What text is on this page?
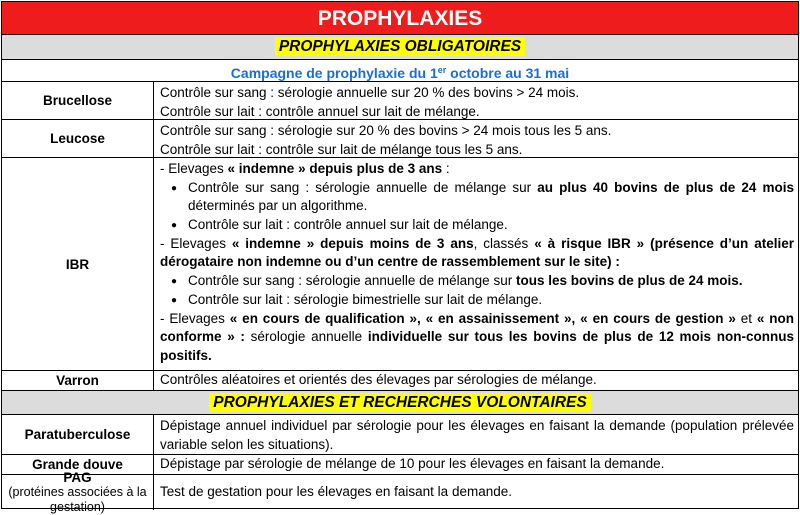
PROPHYLAXIES
PROPHYLAXIES OBLIGATOIRES
Campagne de prophylaxie du 1er octobre au 31 mai
Brucellose
Contrôle sur sang : sérologie annuelle sur 20 % des bovins > 24 mois.
Contrôle sur lait : contrôle annuel sur lait de mélange.
Leucose
Contrôle sur sang : sérologie sur 20 % des bovins > 24 mois tous les 5 ans.
Contrôle sur lait : contrôle sur lait de mélange tous les 5 ans.
IBR
- Elevages « indemne » depuis plus de 3 ans :
● Contrôle sur sang : sérologie annuelle de mélange sur au plus 40 bovins de plus de 24 mois déterminés par un algorithme.
● Contrôle sur lait : contrôle annuel sur lait de mélange.
- Elevages « indemne » depuis moins de 3 ans, classés « à risque IBR » (présence d’un atelier dérogataire non indemne ou d’un centre de rassemblement sur le site) :
● Contrôle sur sang : sérologie annuelle de mélange sur tous les bovins de plus de 24 mois.
● Contrôle sur lait : sérologie bimestrielle sur lait de mélange.
- Elevages « en cours de qualification », « en assainissement », « en cours de gestion » et « non conforme » : sérologie annuelle individuelle sur tous les bovins de plus de 12 mois non-connus positifs.
Varron	Contrôles aléatoires et orientés des élevages par sérologies de mélange.
PROPHYLAXIES ET RECHERCHES VOLONTAIRES
Paratuberculose
Dépistage annuel individuel par sérologie pour les élevages en faisant la demande (population prélevée variable selon les situations).
Grande douve	Dépistage par sérologie de mélange de 10 pour les élevages en faisant la demande.
PAG
(protéines associées à la gestation)
Test de gestation pour les élevages en faisant la demande.
